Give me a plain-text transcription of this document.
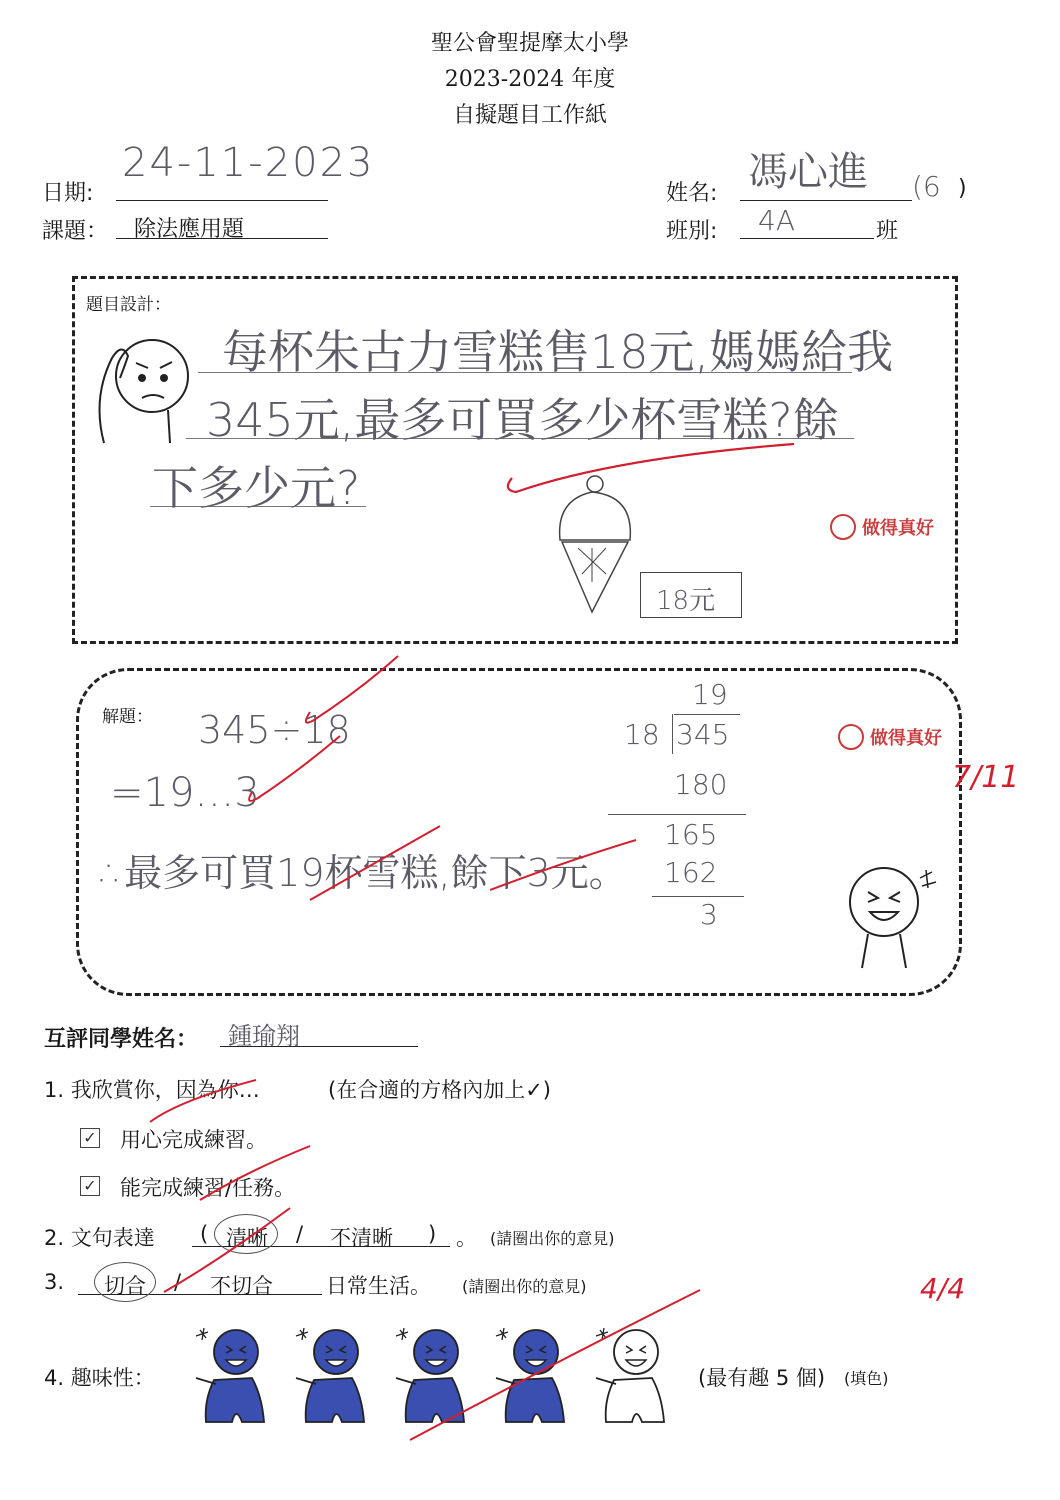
聖公會聖提摩太小學
2023-2024 年度
自擬題目工作紙
日期:
24-11-2023
課題： 除法應用題
姓名: 馮心進 (6 )
班別: 4A	班
題目設計：
每杯朱古力雪糕售18元,媽媽給我
345元,最多可買多少杯雪糕?餘
下多少元?
18元
做得真好
解題： 345÷18
=19…3
∴最多可買19杯雪糕,餘下3元。
19
18 345
180
165
162
3
做得真好
7/11
互評同學姓名： 鍾瑜翔
1. 我欣賞你，因為你…	(在合適的方格內加上✓)
✓ 用心完成練習。
✓ 能完成練習/任務。
2. 文句表達 ( 清晰 / 不清晰 ) 。 (請圈出你的意見)
3. 切合 / 不切合	日常生活。 (請圈出你的意見)	4/4
4. 趣味性：	(最有趣 5 個) (填色)
